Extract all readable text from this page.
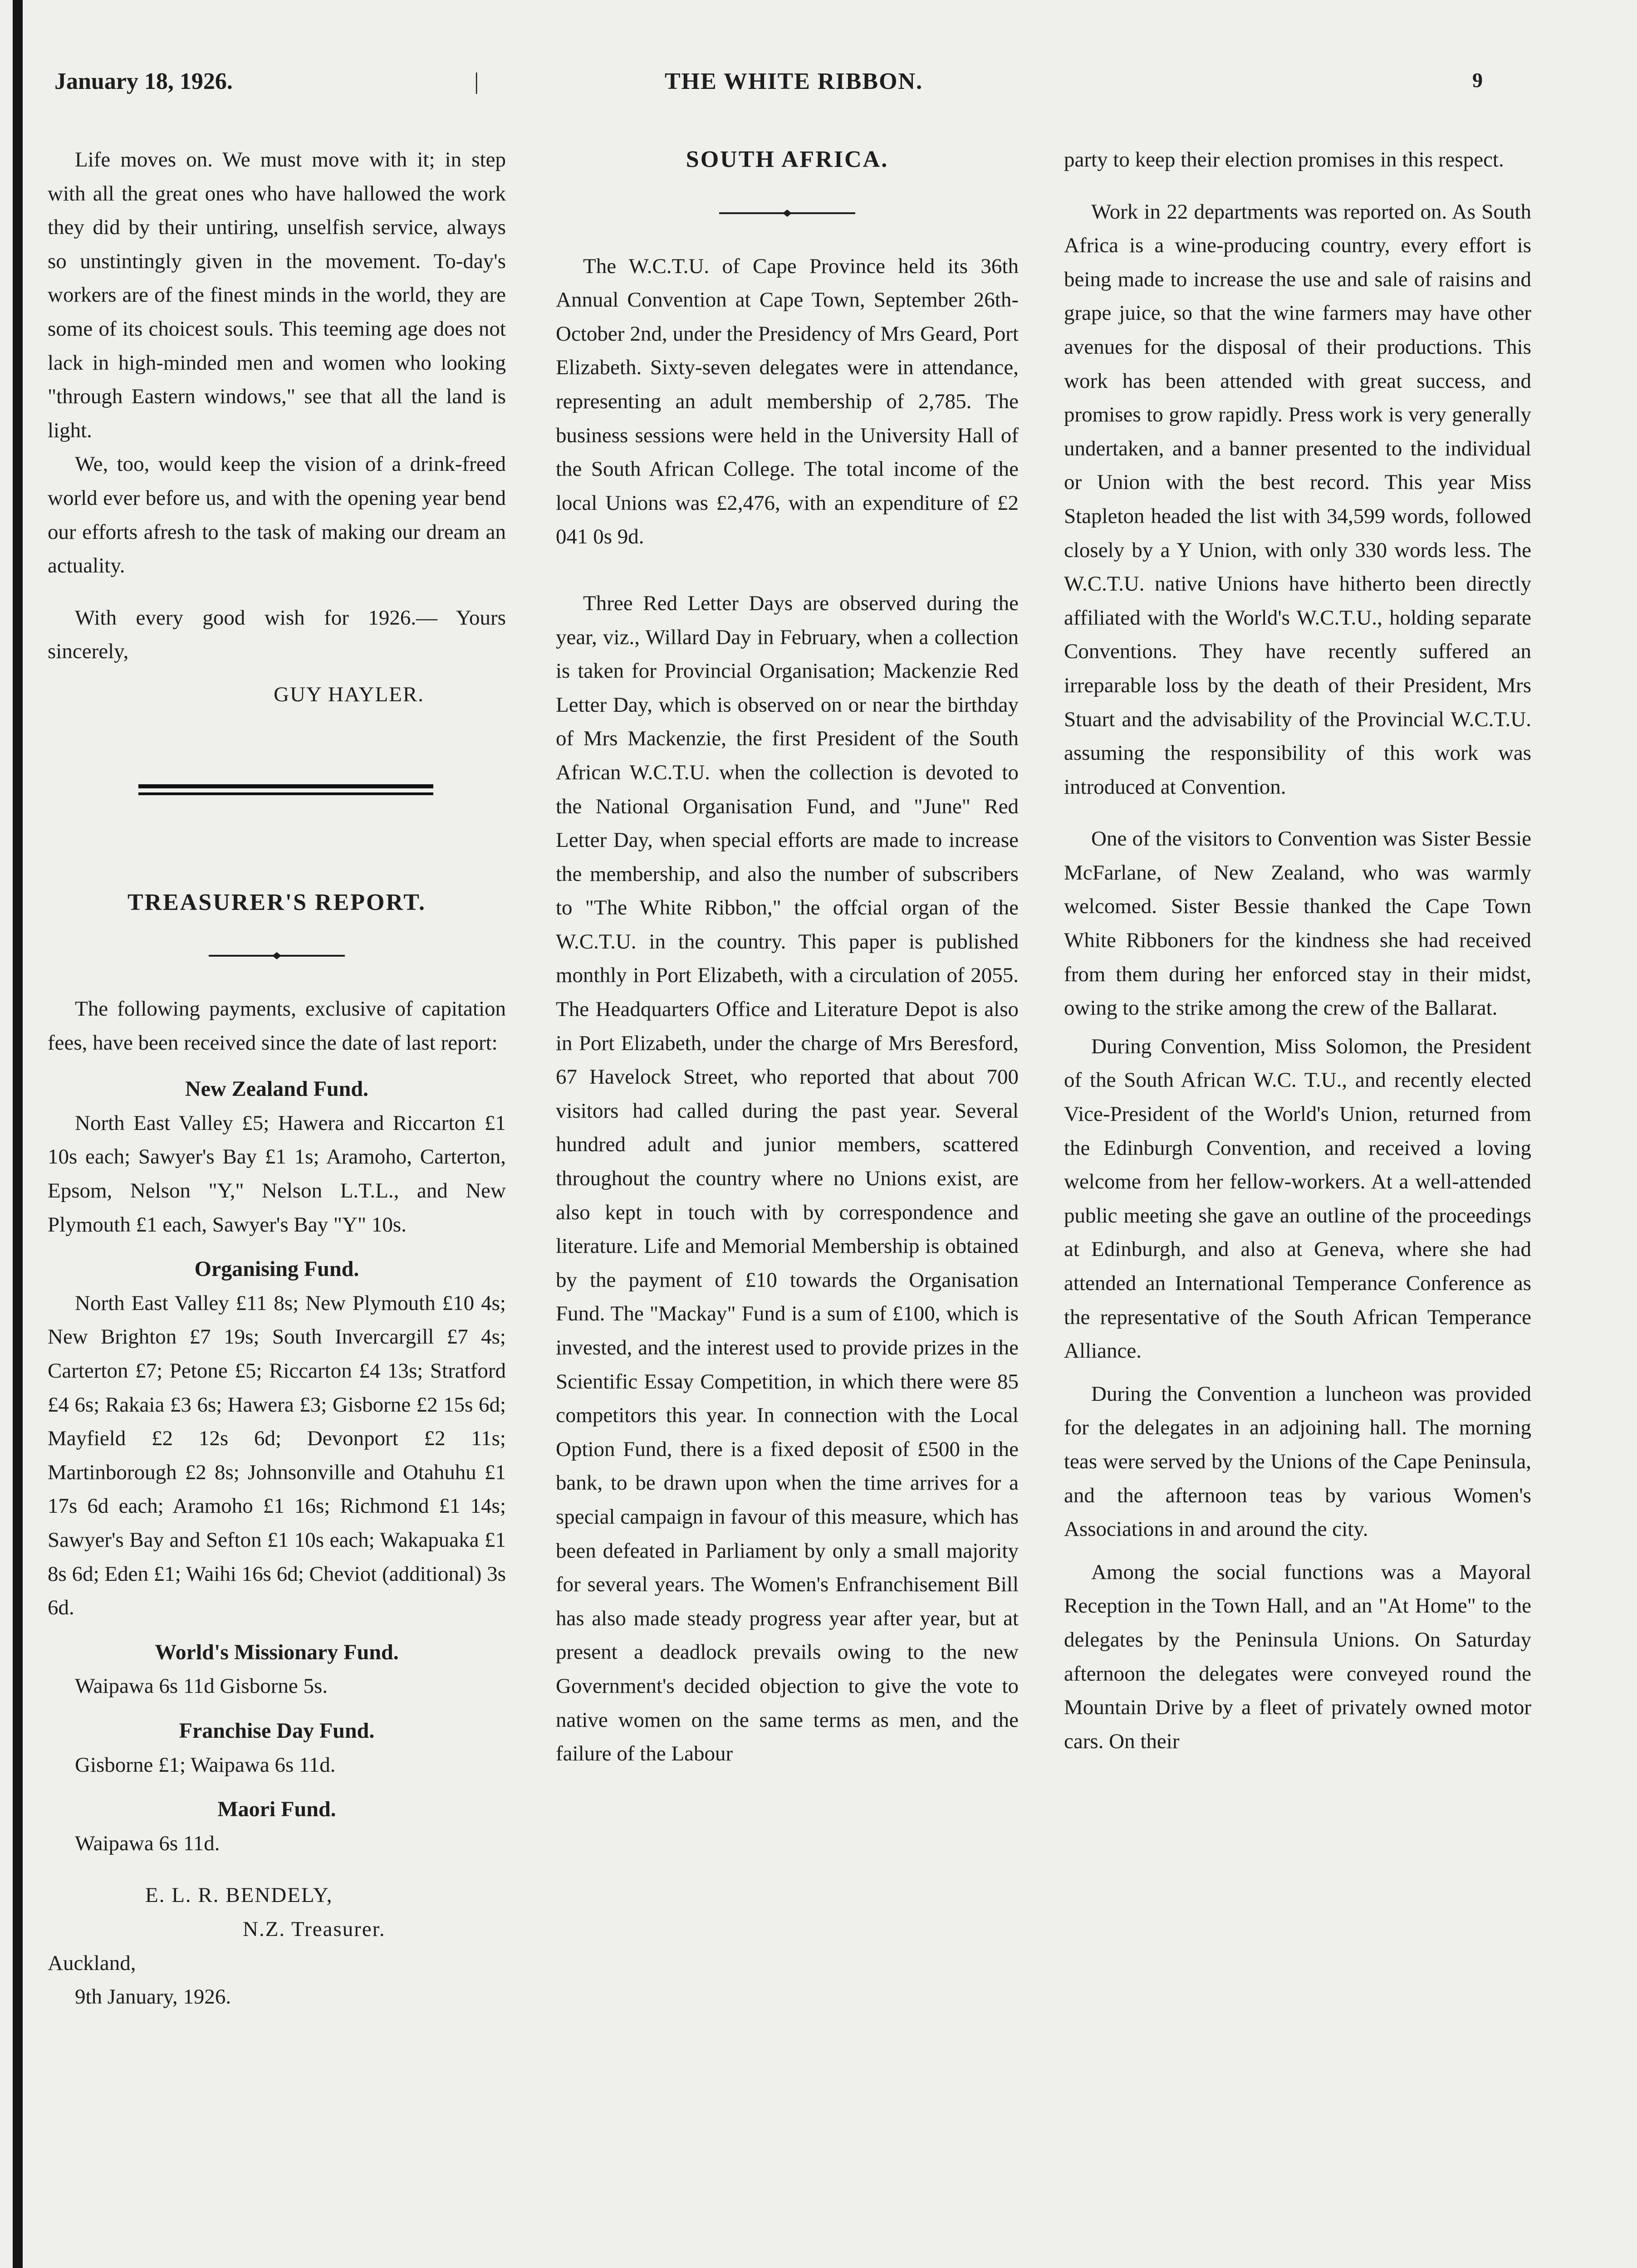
January 18, 1926.	|	THE WHITE RIBBON.	9

Life moves on. We must move with it; in step with all the great ones who have hallowed the work they did by their untiring, unselfish service, always so unstintingly given in the movement. To-day's workers are of the finest minds in the world, they are some of its choicest souls. This teeming age does not lack in high-minded men and women who looking "through Eastern windows," see that all the land is light.

We, too, would keep the vision of a drink-freed world ever before us, and with the opening year bend our efforts afresh to the task of making our dream an actuality.

With every good wish for 1926.— Yours sincerely,

GUY HAYLER.

TREASURER'S REPORT.

The following payments, exclusive of capitation fees, have been received since the date of last report:

New Zealand Fund.

North East Valley £5; Hawera and Riccarton £1 10s each; Sawyer's Bay £1 1s; Aramoho, Carterton, Epsom, Nelson "Y," Nelson L.T.L., and New Plymouth £1 each, Sawyer's Bay "Y" 10s.

Organising Fund.

North East Valley £11 8s; New Plymouth £10 4s; New Brighton £7 19s; South Invercargill £7 4s; Carterton £7; Petone £5; Riccarton £4 13s; Stratford £4 6s; Rakaia £3 6s; Hawera £3; Gisborne £2 15s 6d; Mayfield £2 12s 6d; Devonport £2 11s; Martinborough £2 8s; Johnsonville and Otahuhu £1 17s 6d each; Aramoho £1 16s; Richmond £1 14s; Sawyer's Bay and Sefton £1 10s each; Wakapuaka £1 8s 6d; Eden £1; Waihi 16s 6d; Cheviot (additional) 3s 6d.

World's Missionary Fund.

Waipawa 6s 11d Gisborne 5s.

Franchise Day Fund.

Gisborne £1; Waipawa 6s 11d.

Maori Fund.

Waipawa 6s 11d.

E. L. R. BENDELY,

N.Z. Treasurer.

Auckland,

9th January, 1926.

SOUTH AFRICA.

The W.C.T.U. of Cape Province held its 36th Annual Convention at Cape Town, September 26th-October 2nd, under the Presidency of Mrs Geard, Port Elizabeth. Sixty-seven delegates were in attendance, representing an adult membership of 2,785. The business sessions were held in the University Hall of the South African College. The total income of the local Unions was £2,476, with an expenditure of £2 041 0s 9d.

Three Red Letter Days are observed during the year, viz., Willard Day in February, when a collection is taken for Provincial Organisation; Mackenzie Red Letter Day, which is observed on or near the birthday of Mrs Mackenzie, the first President of the South African W.C.T.U. when the collection is devoted to the National Organisation Fund, and "June" Red Letter Day, when special efforts are made to increase the membership, and also the number of subscribers to "The White Ribbon," the offcial organ of the W.C.T.U. in the country. This paper is published monthly in Port Elizabeth, with a circulation of 2055. The Headquarters Office and Literature Depot is also in Port Elizabeth, under the charge of Mrs Beresford, 67 Havelock Street, who reported that about 700 visitors had called during the past year. Several hundred adult and junior members, scattered throughout the country where no Unions exist, are also kept in touch with by correspondence and literature. Life and Memorial Membership is obtained by the payment of £10 towards the Organisation Fund. The "Mackay" Fund is a sum of £100, which is invested, and the interest used to provide prizes in the Scientific Essay Competition, in which there were 85 competitors this year. In connection with the Local Option Fund, there is a fixed deposit of £500 in the bank, to be drawn upon when the time arrives for a special campaign in favour of this measure, which has been defeated in Parliament by only a small majority for several years. The Women's Enfranchisement Bill has also made steady progress year after year, but at present a deadlock prevails owing to the new Government's decided objection to give the vote to native women on the same terms as men, and the failure of the Labour

party to keep their election promises in this respect.

Work in 22 departments was reported on. As South Africa is a wine-producing country, every effort is being made to increase the use and sale of raisins and grape juice, so that the wine farmers may have other avenues for the disposal of their productions. This work has been attended with great success, and promises to grow rapidly. Press work is very generally undertaken, and a banner presented to the individual or Union with the best record. This year Miss Stapleton headed the list with 34,599 words, followed closely by a Y Union, with only 330 words less. The W.C.T.U. native Unions have hitherto been directly affiliated with the World's W.C.T.U., holding separate Conventions. They have recently suffered an irreparable loss by the death of their President, Mrs Stuart and the advisability of the Provincial W.C.T.U. assuming the responsibility of this work was introduced at Convention.

One of the visitors to Convention was Sister Bessie McFarlane, of New Zealand, who was warmly welcomed. Sister Bessie thanked the Cape Town White Ribboners for the kindness she had received from them during her enforced stay in their midst, owing to the strike among the crew of the Ballarat.

During Convention, Miss Solomon, the President of the South African W.C. T.U., and recently elected Vice-President of the World's Union, returned from the Edinburgh Convention, and received a loving welcome from her fellow-workers. At a well-attended public meeting she gave an outline of the proceedings at Edinburgh, and also at Geneva, where she had attended an International Temperance Conference as the representative of the South African Temperance Alliance.

During the Convention a luncheon was provided for the delegates in an adjoining hall. The morning teas were served by the Unions of the Cape Peninsula, and the afternoon teas by various Women's Associations in and around the city.

Among the social functions was a Mayoral Reception in the Town Hall, and an "At Home" to the delegates by the Peninsula Unions. On Saturday afternoon the delegates were conveyed round the Mountain Drive by a fleet of privately owned motor cars. On their
